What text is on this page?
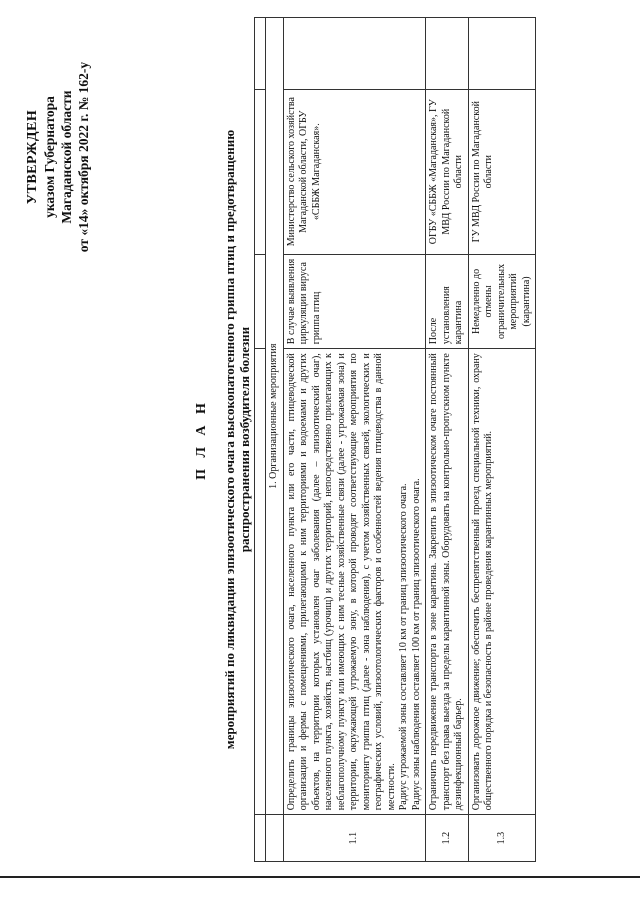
УТВЕРЖДЕН указом Губернатора Магаданской области от «14» октября 2022 г. № 162-у
П Л А Н мероприятий по ликвидации эпизоотического очага высокопатогенного гриппа птиц и предотвращению распространения возбудителя болезни

	1. Организационные мероприятия			
1.1	Определить границы эпизоотического очага, населенного пункта или его части, птицеводческой организации и фермы с помещениями, прилегающими к ним территориями и водоемами и других объектов, на территории которых установлен очаг заболевания (далее – эпизоотический очаг), населенного пункта, хозяйств, настбищ (урочищ) и других территорий, непосредственно прилегающих к неблагополучному пункту или имеющих с ним тесные хозяйственные связи (далее - угрожаемая зона) и территории, окружающей угрожаемую зону, в которой проводят соответствующие мероприятия по мониторингу гриппа птиц (далее - зона наблюдения), с учетом хозяйственных связей, экологических и географических условий, эпизоотологических факторов и особенностей ведения птицеводства в данной местности. Радиус угрожаемой зоны составляет 10 км от границ эпизоотического очага. Радиус зоны наблюдения составляет 100 км от границ эпизоотического очага.	В случае выявления циркуляции вируса гриппа птиц	Министерство сельского хозяйства Магаданской области, ОГБУ «СББЖ Магаданская».	
1.2	Ограничить передвижение транспорта в зоне карантина. Закрепить в эпизоотическом очаге постоянный транспорт без права выезда за пределы карантинной зоны. Оборудовать на контрольно-пропускном пункте дезинфекционный барьер.	После установления карантина	ОГБУ «СББЖ «Магаданская», ГУ МВД России по Магаданской области	
1.3	Организовать дорожное движение; обеспечить беспрепятственный проезд специальной техники, охрану общественного порядка и безопасность в районе проведения карантинных мероприятий.	Немедленно до отмены ограничительных мероприятий (карантина)	ГУ МВД России по Магаданской области	
